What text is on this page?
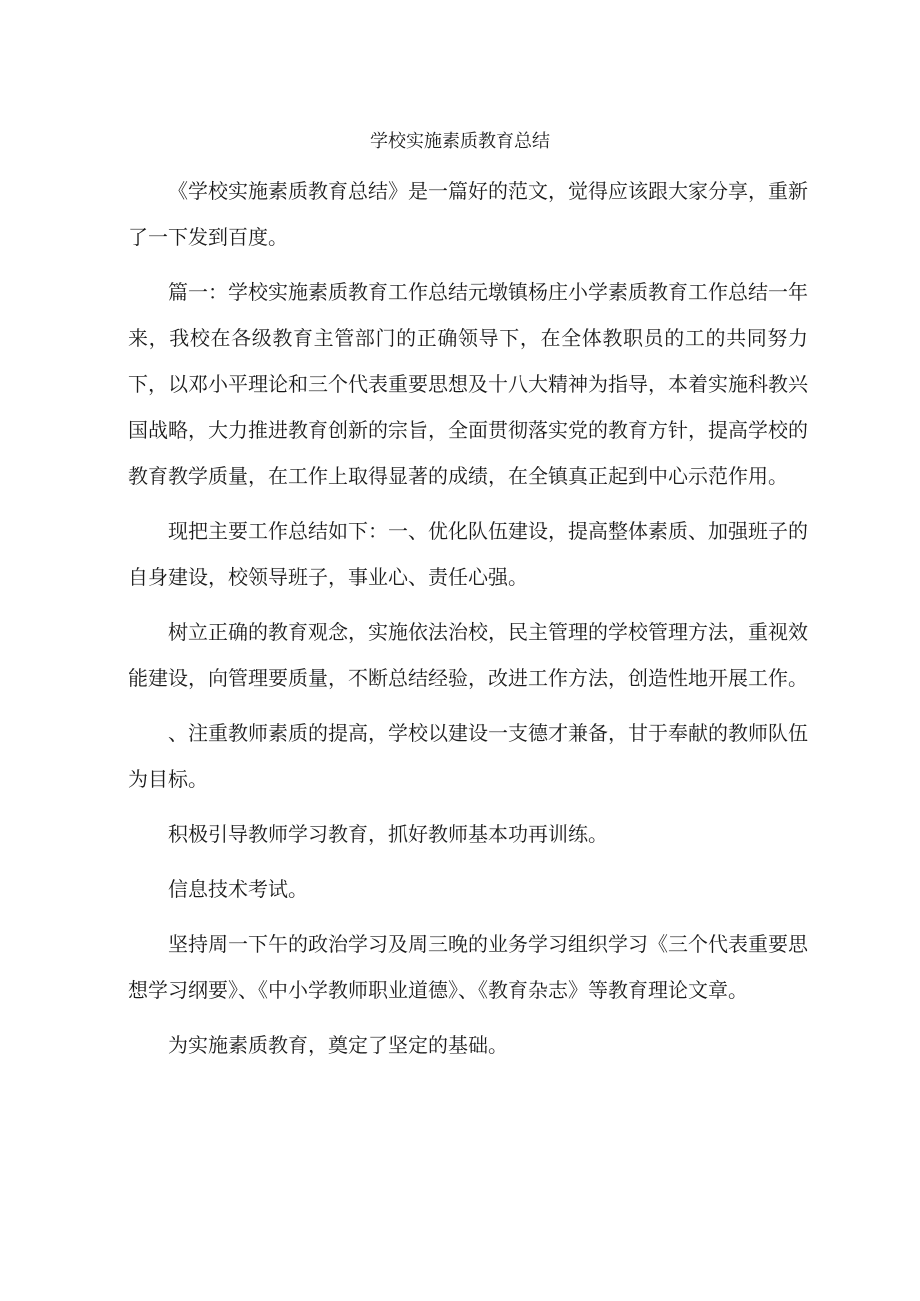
学校实施素质教育总结

《学校实施素质教育总结》是一篇好的范文，觉得应该跟大家分享，重新了一下发到百度。

篇一：学校实施素质教育工作总结元墩镇杨庄小学素质教育工作总结一年来，我校在各级教育主管部门的正确领导下，在全体教职员的工的共同努力下，以邓小平理论和三个代表重要思想及十八大精神为指导，本着实施科教兴国战略，大力推进教育创新的宗旨，全面贯彻落实党的教育方针，提高学校的教育教学质量，在工作上取得显著的成绩，在全镇真正起到中心示范作用。

现把主要工作总结如下：一、优化队伍建设，提高整体素质、加强班子的自身建设，校领导班子，事业心、责任心强。

树立正确的教育观念，实施依法治校，民主管理的学校管理方法，重视效能建设，向管理要质量，不断总结经验，改进工作方法，创造性地开展工作。

、注重教师素质的提高，学校以建设一支德才兼备，甘于奉献的教师队伍为目标。

积极引导教师学习教育，抓好教师基本功再训练。

信息技术考试。

坚持周一下午的政治学习及周三晚的业务学习组织学习《三个代表重要思想学习纲要》、《中小学教师职业道德》、《教育杂志》等教育理论文章。

为实施素质教育，奠定了坚定的基础。
